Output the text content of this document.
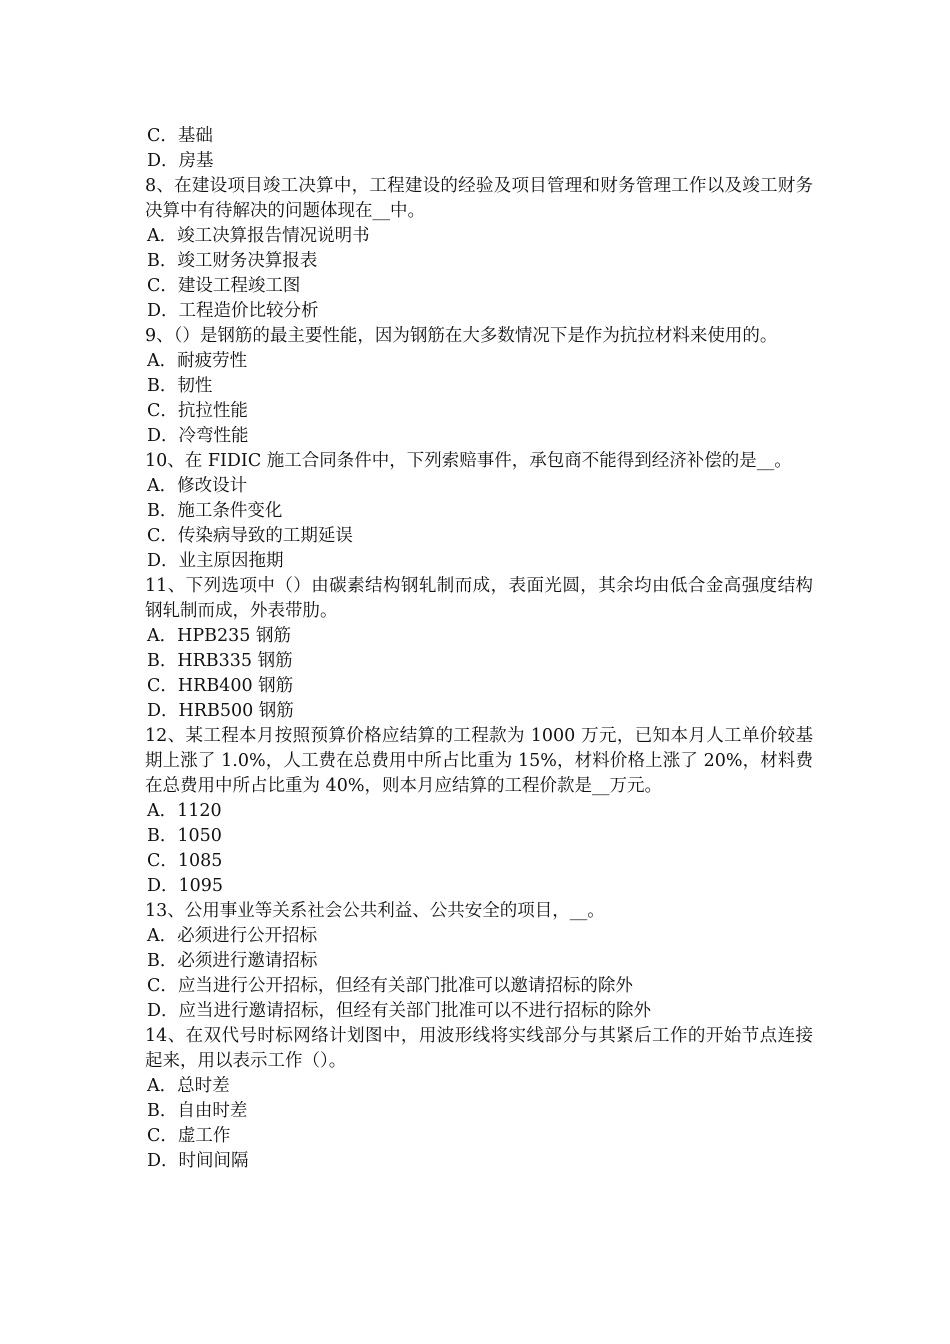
C．基础
D．房基
8、在建设项目竣工决算中，工程建设的经验及项目管理和财务管理工作以及竣工财务决算中有待解决的问题体现在__中。
A．竣工决算报告情况说明书
B．竣工财务决算报表
C．建设工程竣工图
D．工程造价比较分析
9、（）是钢筋的最主要性能，因为钢筋在大多数情况下是作为抗拉材料来使用的。
A．耐疲劳性
B．韧性
C．抗拉性能
D．冷弯性能
10、在 FIDIC 施工合同条件中，下列索赔事件，承包商不能得到经济补偿的是__。
A．修改设计
B．施工条件变化
C．传染病导致的工期延误
D．业主原因拖期
11、下列选项中（）由碳素结构钢轧制而成，表面光圆，其余均由低合金高强度结构钢轧制而成，外表带肋。
A．HPB235 钢筋
B．HRB335 钢筋
C．HRB400 钢筋
D．HRB500 钢筋
12、某工程本月按照预算价格应结算的工程款为 1000 万元，已知本月人工单价较基期上涨了 1.0%，人工费在总费用中所占比重为 15%，材料价格上涨了 20%，材料费在总费用中所占比重为 40%，则本月应结算的工程价款是__万元。
A．1120
B．1050
C．1085
D．1095
13、公用事业等关系社会公共利益、公共安全的项目，__。
A．必须进行公开招标
B．必须进行邀请招标
C．应当进行公开招标，但经有关部门批准可以邀请招标的除外
D．应当进行邀请招标，但经有关部门批准可以不进行招标的除外
14、在双代号时标网络计划图中，用波形线将实线部分与其紧后工作的开始节点连接起来，用以表示工作（）。
A．总时差
B．自由时差
C．虚工作
D．时间间隔
